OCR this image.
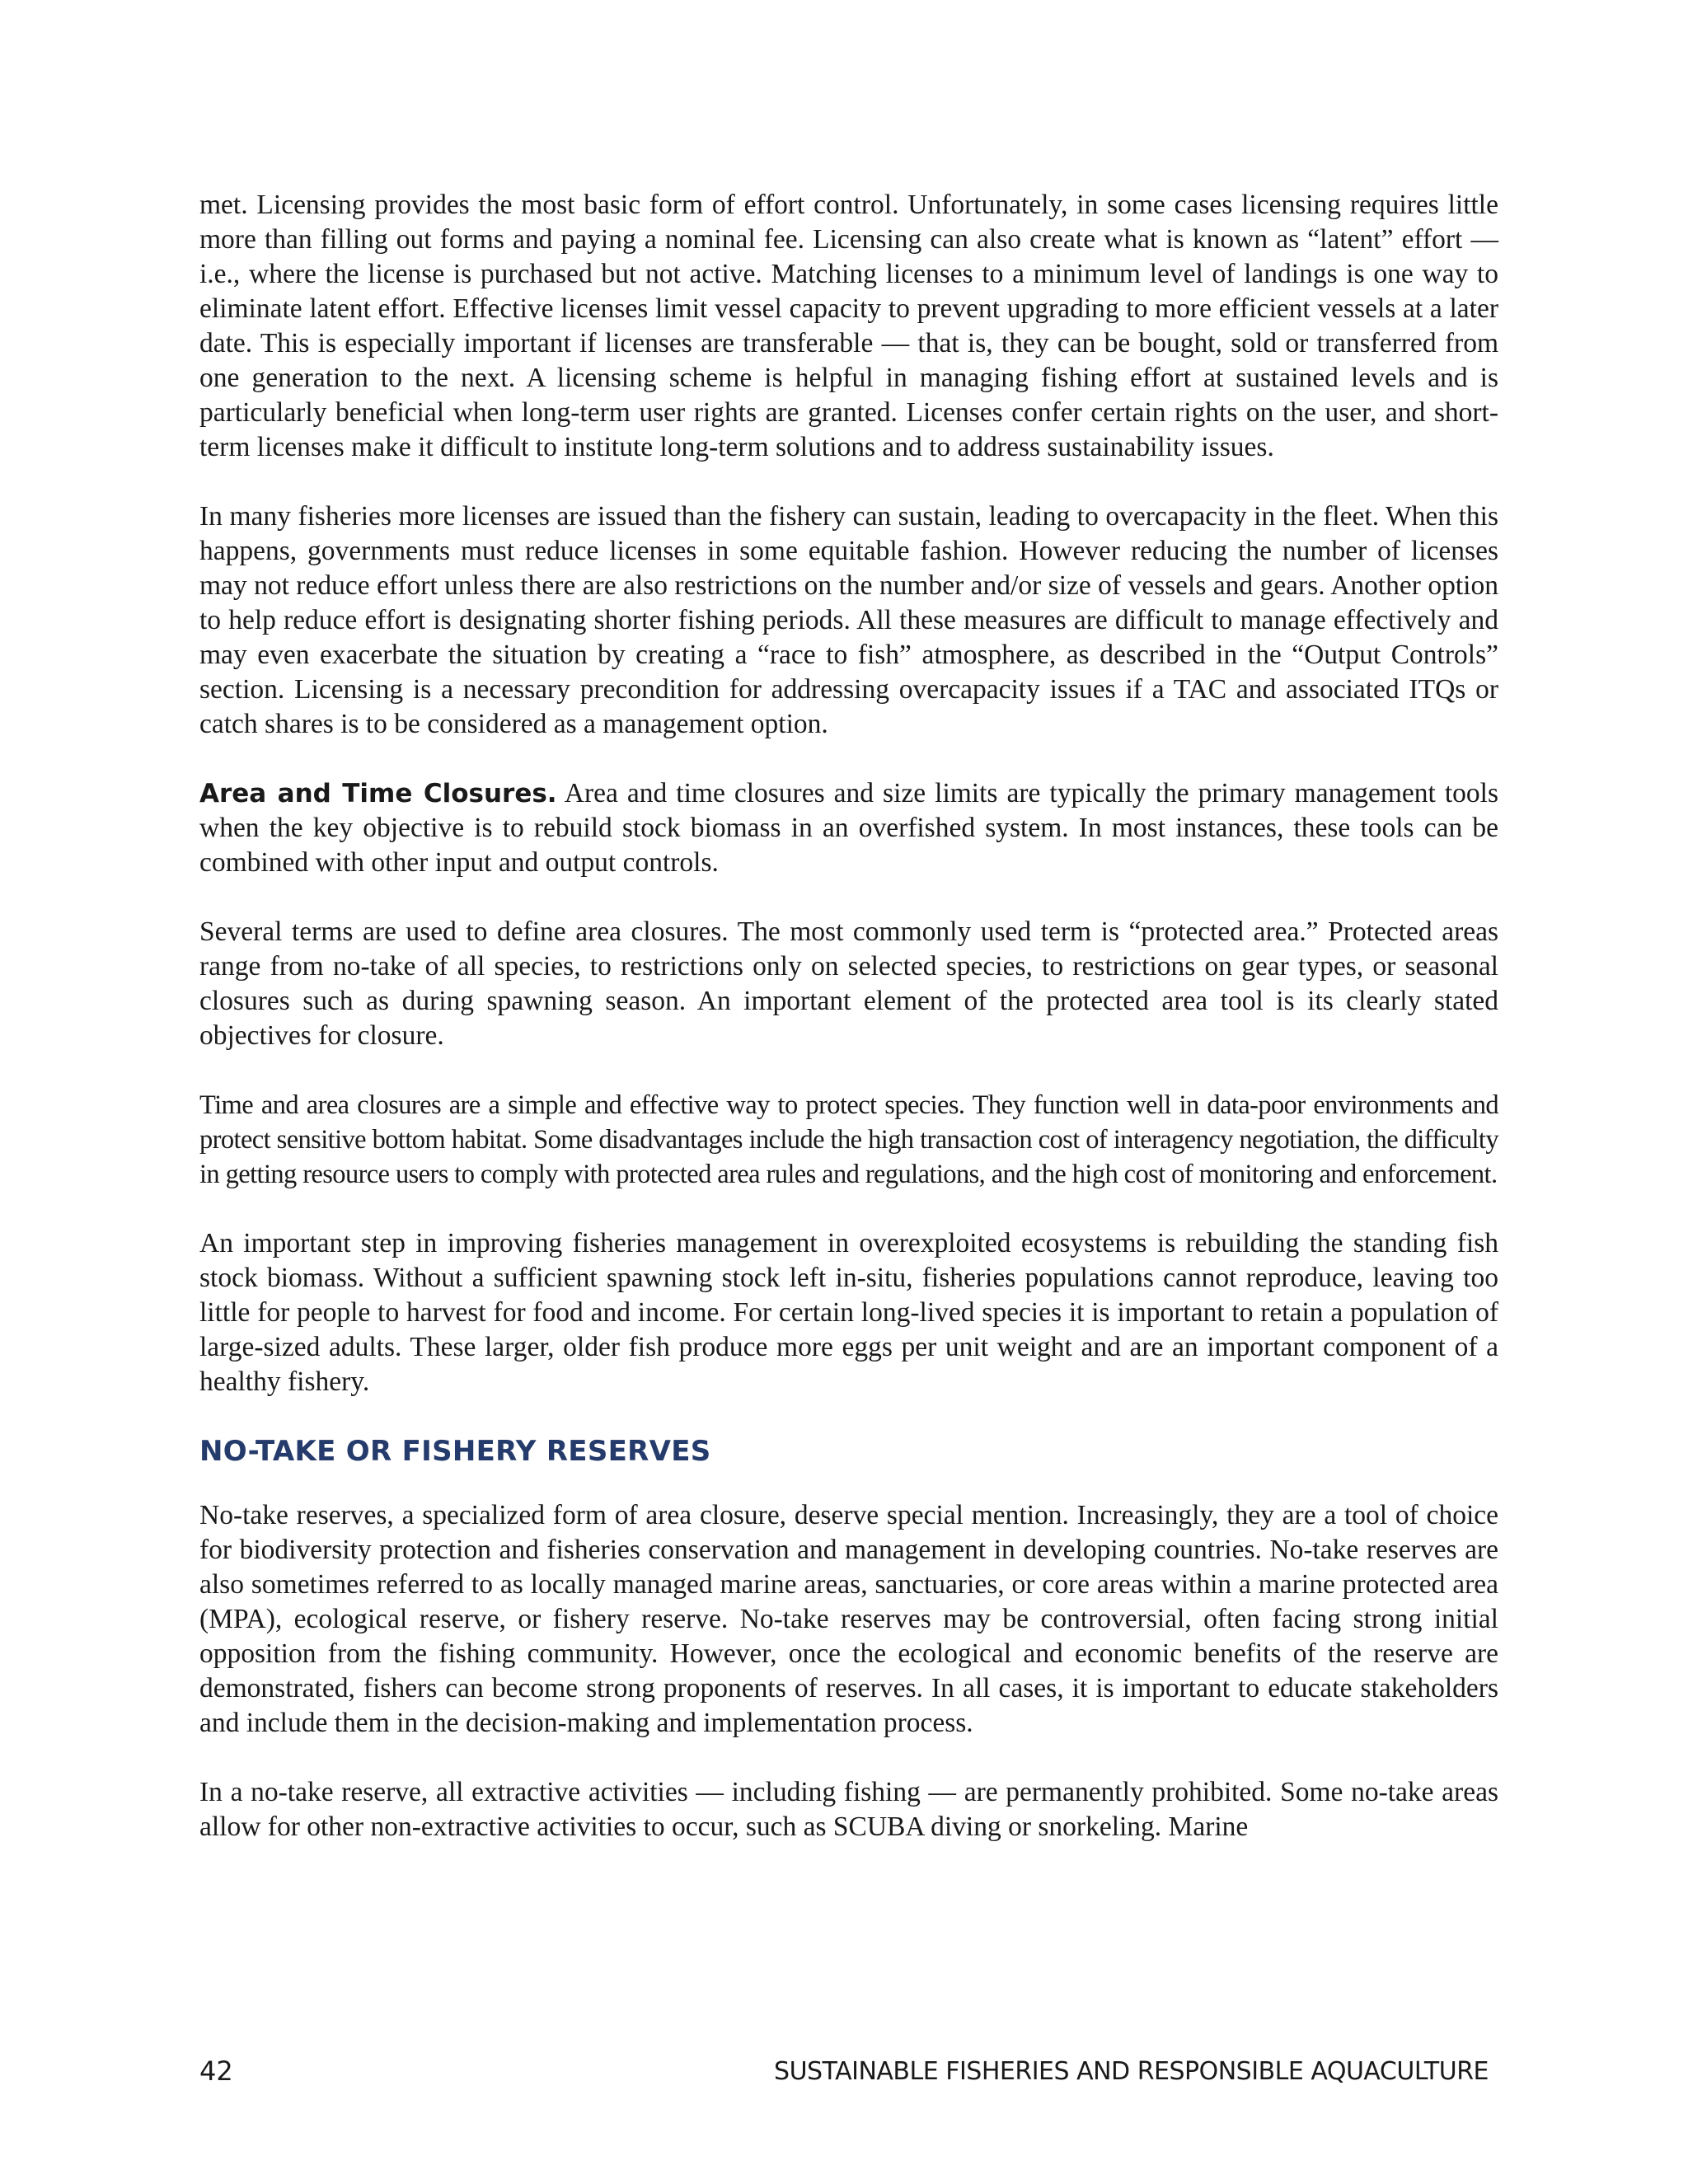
met. Licensing provides the most basic form of effort control. Unfortunately, in some cases licensing requires little more than filling out forms and paying a nominal fee. Licensing can also create what is known as “latent” effort — i.e., where the license is purchased but not active. Matching licenses to a minimum level of landings is one way to eliminate latent effort. Effective licenses limit vessel capacity to prevent upgrading to more efficient vessels at a later date. This is especially important if licenses are transferable — that is, they can be bought, sold or transferred from one generation to the next. A licensing scheme is helpful in managing fishing effort at sustained levels and is particularly beneficial when long-term user rights are granted. Licenses confer certain rights on the user, and short-term licenses make it difficult to institute long-term solutions and to address sustainability issues.

In many fisheries more licenses are issued than the fishery can sustain, leading to overcapacity in the fleet. When this happens, governments must reduce licenses in some equitable fashion. However reducing the number of licenses may not reduce effort unless there are also restrictions on the number and/or size of vessels and gears. Another option to help reduce effort is designating shorter fishing periods. All these measures are difficult to manage effectively and may even exacerbate the situation by creating a “race to fish” atmosphere, as described in the “Output Controls” section. Licensing is a necessary precondition for addressing overcapacity issues if a TAC and associated ITQs or catch shares is to be considered as a management option.

Area and Time Closures. Area and time closures and size limits are typically the primary management tools when the key objective is to rebuild stock biomass in an overfished system. In most instances, these tools can be combined with other input and output controls.

Several terms are used to define area closures. The most commonly used term is “protected area.” Protected areas range from no-take of all species, to restrictions only on selected species, to restrictions on gear types, or seasonal closures such as during spawning season. An important element of the protected area tool is its clearly stated objectives for closure.

Time and area closures are a simple and effective way to protect species. They function well in data-poor environments and protect sensitive bottom habitat. Some disadvantages include the high transaction cost of interagency negotiation, the difficulty in getting resource users to comply with protected area rules and regulations, and the high cost of monitoring and enforcement.

An important step in improving fisheries management in overexploited ecosystems is rebuilding the standing fish stock biomass. Without a sufficient spawning stock left in-situ, fisheries populations cannot reproduce, leaving too little for people to harvest for food and income. For certain long-lived species it is important to retain a population of large-sized adults. These larger, older fish produce more eggs per unit weight and are an important component of a healthy fishery.

NO-TAKE OR FISHERY RESERVES

No-take reserves, a specialized form of area closure, deserve special mention. Increasingly, they are a tool of choice for biodiversity protection and fisheries conservation and management in developing countries. No-take reserves are also sometimes referred to as locally managed marine areas, sanctuaries, or core areas within a marine protected area (MPA), ecological reserve, or fishery reserve. No-take reserves may be controversial, often facing strong initial opposition from the fishing community. However, once the ecological and economic benefits of the reserve are demonstrated, fishers can become strong proponents of reserves. In all cases, it is important to educate stakeholders and include them in the decision-making and implementation process.

In a no-take reserve, all extractive activities — including fishing — are permanently prohibited. Some no-take areas allow for other non-extractive activities to occur, such as SCUBA diving or snorkeling. Marine

42	SUSTAINABLE FISHERIES AND RESPONSIBLE AQUACULTURE
